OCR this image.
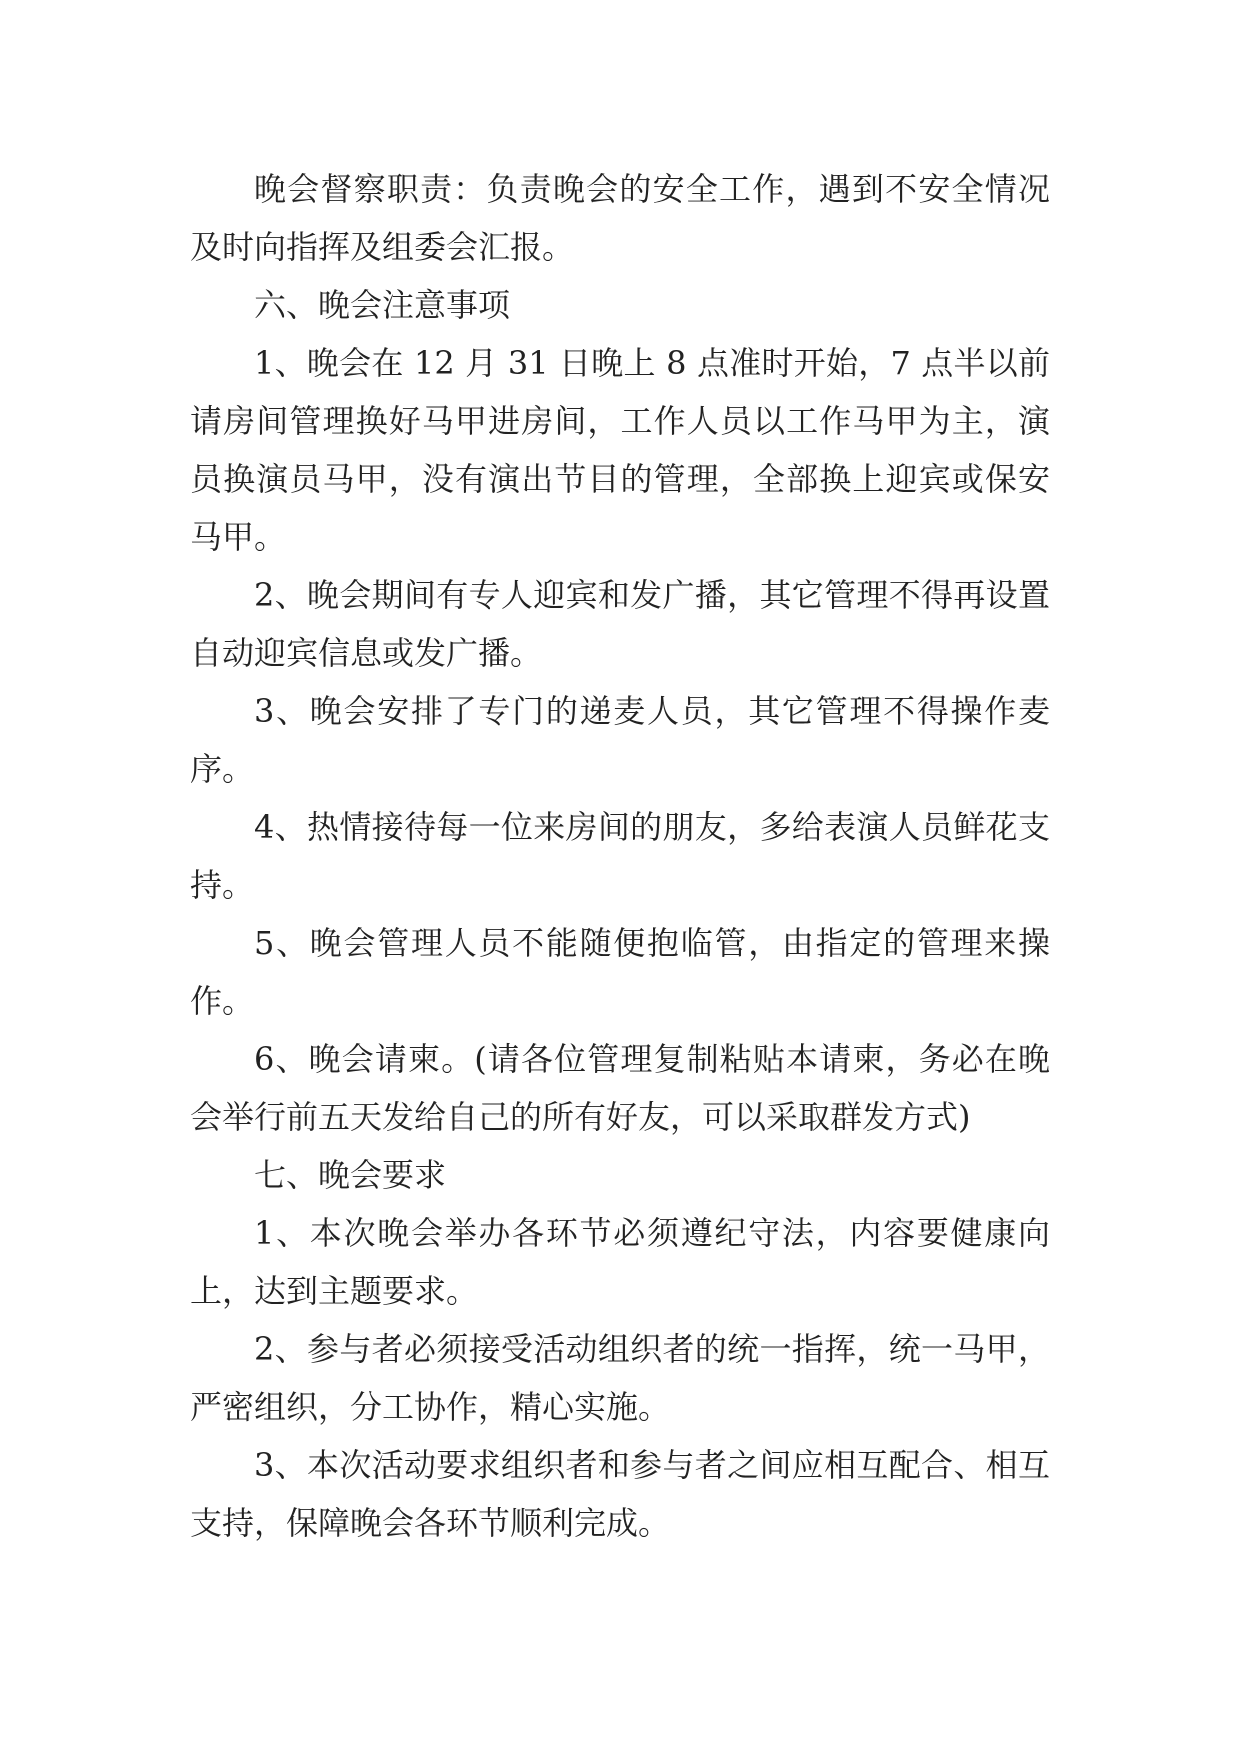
晚会督察职责：负责晚会的安全工作，遇到不安全情况及时向指挥及组委会汇报。

六、晚会注意事项

1、晚会在 12 月 31 日晚上 8 点准时开始，7 点半以前请房间管理换好马甲进房间，工作人员以工作马甲为主，演员换演员马甲，没有演出节目的管理，全部换上迎宾或保安马甲。

2、晚会期间有专人迎宾和发广播，其它管理不得再设置自动迎宾信息或发广播。

3、晚会安排了专门的递麦人员，其它管理不得操作麦序。

4、热情接待每一位来房间的朋友，多给表演人员鲜花支持。

5、晚会管理人员不能随便抱临管，由指定的管理来操作。

6、晚会请柬。(请各位管理复制粘贴本请柬，务必在晚会举行前五天发给自己的所有好友，可以采取群发方式)

七、晚会要求

1、本次晚会举办各环节必须遵纪守法，内容要健康向上，达到主题要求。

2、参与者必须接受活动组织者的统一指挥，统一马甲，严密组织，分工协作，精心实施。

3、本次活动要求组织者和参与者之间应相互配合、相互支持，保障晚会各环节顺利完成。
